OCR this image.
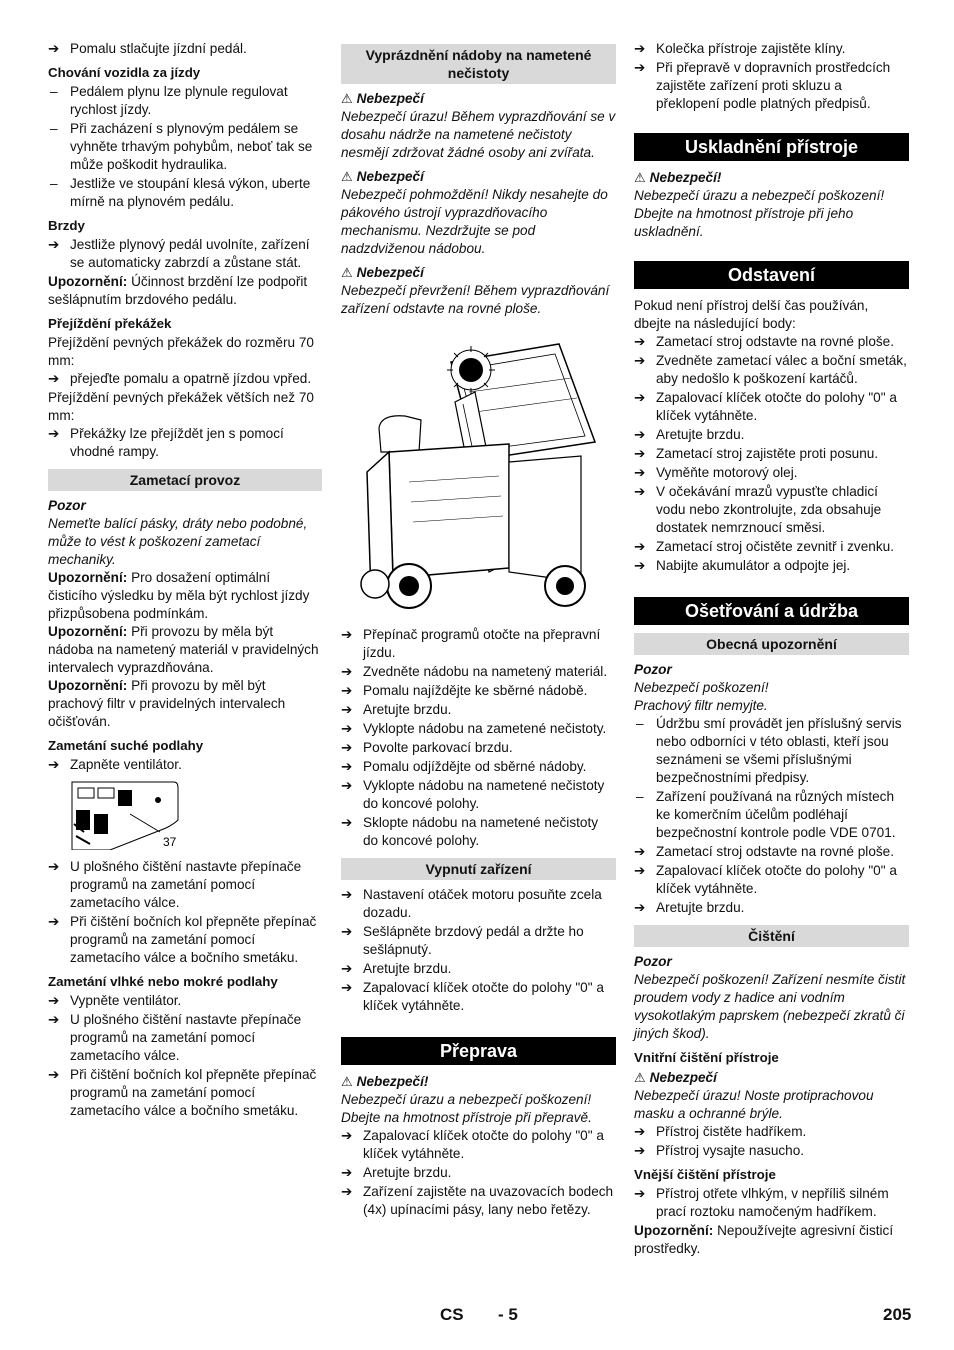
➔ Pomalu stlačujte jízdní pedál.

Chování vozidla za jízdy

– Pedálem plynu lze plynule regulovat rychlost jízdy.

– Při zacházení s plynovým pedálem se vyhněte trhavým pohybům, neboť tak se může poškodit hydraulika.

– Jestliže ve stoupání klesá výkon, uberte mírně na plynovém pedálu.

Brzdy

➔ Jestliže plynový pedál uvolníte, zařízení se automaticky zabrzdí a zůstane stát.

Upozornění: Účinnost brzdění lze podpořit sešlápnutím brzdového pedálu.

Přejíždění překážek

Přejíždění pevných překážek do rozměru 70 mm:

➔ přejeďte pomalu a opatrně jízdou vpřed.

Přejíždění pevných překážek větších než 70 mm:

➔ Překážky lze přejíždět jen s pomocí vhodné rampy.

Zametací provoz

Pozor

Nemeťte balící pásky, dráty nebo podobné, může to vést k poškození zametací mechaniky.

Upozornění: Pro dosažení optimální čisticího výsledku by měla být rychlost jízdy přizpůsobena podmínkám.

Upozornění: Při provozu by měla být nádoba na nametený materiál v pravidelných intervalech vyprazdňována.

Upozornění: Při provozu by měl být prachový filtr v pravidelných intervalech očišťován.

Zametání suché podlahy

➔ Zapněte ventilátor.

37

➔ U plošného čištění nastavte přepínače programů na zametání pomocí zametacího válce.

➔ Při čištění bočních kol přepněte přepínač programů na zametání pomocí zametacího válce a bočního smetáku.

Zametání vlhké nebo mokré podlahy

➔ Vypněte ventilátor.

➔ U plošného čištění nastavte přepínače programů na zametání pomocí zametacího válce.

➔ Při čištění bočních kol přepněte přepínač programů na zametání pomocí zametacího válce a bočního smetáku.

Vyprázdnění nádoby na nametené nečistoty

⚠ Nebezpečí

Nebezpečí úrazu! Během vyprazdňování se v dosahu nádrže na nametené nečistoty nesmějí zdržovat žádné osoby ani zvířata.

⚠ Nebezpečí

Nebezpečí pohmoždění! Nikdy nesahejte do pákového ústrojí vyprazdňovacího mechanismu. Nezdržujte se pod nadzdviženou nádobou.

⚠ Nebezpečí

Nebezpečí převržení! Během vyprazdňování zařízení odstavte na rovné ploše.

➔ Přepínač programů otočte na přepravní jízdu.

➔ Zvedněte nádobu na nametený materiál.

➔ Pomalu najíždějte ke sběrné nádobě.

➔ Aretujte brzdu.

➔ Vyklopte nádobu na zametené nečistoty.

➔ Povolte parkovací brzdu.

➔ Pomalu odjíždějte od sběrné nádoby.

➔ Vyklopte nádobu na nametené nečistoty do koncové polohy.

➔ Sklopte nádobu na nametené nečistoty do koncové polohy.

Vypnutí zařízení

➔ Nastavení otáček motoru posuňte zcela dozadu.

➔ Sešlápněte brzdový pedál a držte ho sešlápnutý.

➔ Aretujte brzdu.

➔ Zapalovací klíček otočte do polohy "0" a klíček vytáhněte.

Přeprava

⚠ Nebezpečí!

Nebezpečí úrazu a nebezpečí poškození! Dbejte na hmotnost přístroje při přepravě.

➔ Zapalovací klíček otočte do polohy "0" a klíček vytáhněte.

➔ Aretujte brzdu.

➔ Zařízení zajistěte na uvazovacích bodech (4x) upínacími pásy, lany nebo řetězy.

➔ Kolečka přístroje zajistěte klíny.

➔ Při přepravě v dopravních prostředcích zajistěte zařízení proti skluzu a překlopení podle platných předpisů.

Uskladnění přístroje

⚠ Nebezpečí!

Nebezpečí úrazu a nebezpečí poškození! Dbejte na hmotnost přístroje při jeho uskladnění.

Odstavení

Pokud není přístroj delší čas používán, dbejte na následující body:

➔ Zametací stroj odstavte na rovné ploše.

➔ Zvedněte zametací válec a boční smeták, aby nedošlo k poškození kartáčů.

➔ Zapalovací klíček otočte do polohy "0" a klíček vytáhněte.

➔ Aretujte brzdu.

➔ Zametací stroj zajistěte proti posunu.

➔ Vyměňte motorový olej.

➔ V očekávání mrazů vypusťte chladicí vodu nebo zkontrolujte, zda obsahuje dostatek nemrznoucí směsi.

➔ Zametací stroj očistěte zevnitř i zvenku.

➔ Nabijte akumulátor a odpojte jej.

Ošetřování a údržba
Obecná upozornění

Pozor

Nebezpečí poškození!

Prachový filtr nemyjte.

– Údržbu smí provádět jen příslušný servis nebo odborníci v této oblasti, kteří jsou seznámeni se všemi příslušnými bezpečnostními předpisy.

– Zařízení používaná na různých místech ke komerčním účelům podléhají bezpečnostní kontrole podle VDE 0701.

➔ Zametací stroj odstavte na rovné ploše.

➔ Zapalovací klíček otočte do polohy "0" a klíček vytáhněte.

➔ Aretujte brzdu.

Čištění

Pozor

Nebezpečí poškození! Zařízení nesmíte čistit proudem vody z hadice ani vodním vysokotlakým paprskem (nebezpečí zkratů či jiných škod).

Vnitřní čištění přístroje

⚠ Nebezpečí

Nebezpečí úrazu! Noste protiprachovou masku a ochranné brýle.

➔ Přístroj čistěte hadříkem.

➔ Přístroj vysajte nasucho.

Vnější čištění přístroje

➔ Přístroj otřete vlhkým, v nepříliš silném prací roztoku namočeným hadříkem.

Upozornění: Nepoužívejte agresivní čisticí prostředky.

CS - 5	205
